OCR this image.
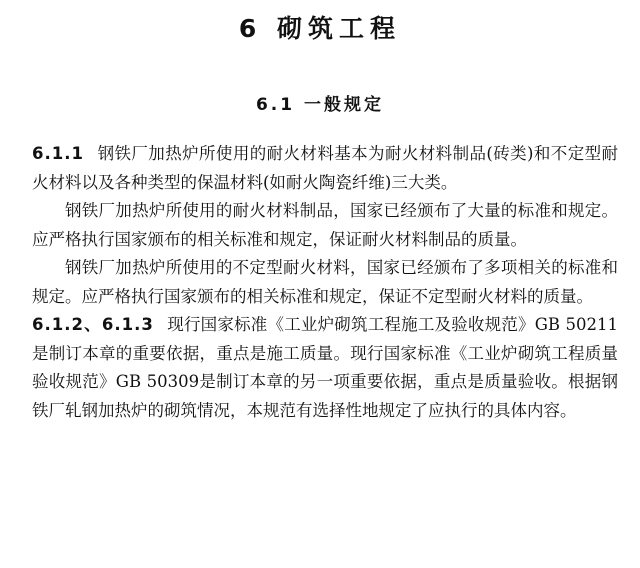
6 砌筑工程
6.1 一般规定

6.1.1 钢铁厂加热炉所使用的耐火材料基本为耐火材料制品(砖类)和不定型耐火材料以及各种类型的保温材料(如耐火陶瓷纤维)三大类。

钢铁厂加热炉所使用的耐火材料制品，国家已经颁布了大量的标准和规定。应严格执行国家颁布的相关标准和规定，保证耐火材料制品的质量。

钢铁厂加热炉所使用的不定型耐火材料，国家已经颁布了多项相关的标准和规定。应严格执行国家颁布的相关标准和规定，保证不定型耐火材料的质量。

6.1.2、6.1.3 现行国家标准《工业炉砌筑工程施工及验收规范》GB 50211是制订本章的重要依据，重点是施工质量。现行国家标准《工业炉砌筑工程质量验收规范》GB 50309是制订本章的另一项重要依据，重点是质量验收。根据钢铁厂轧钢加热炉的砌筑情况，本规范有选择性地规定了应执行的具体内容。
